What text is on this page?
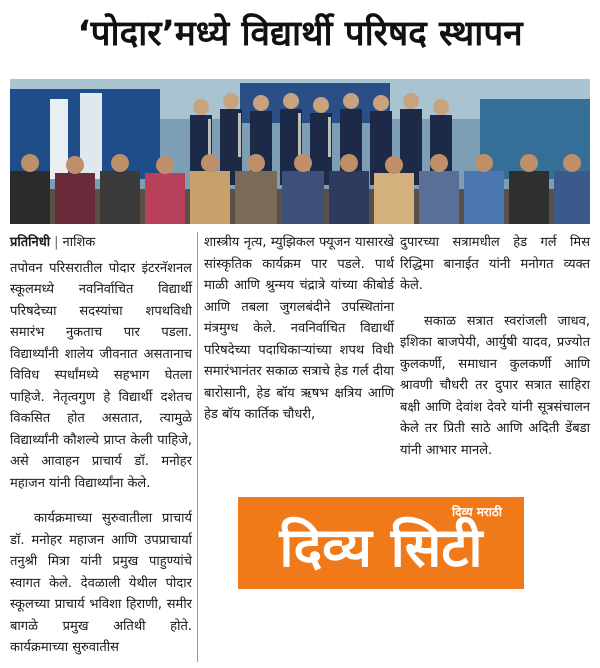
‘पोदार’मध्ये विद्यार्थी परिषद स्थापन
प्रतिनिधी | नाशिक

तपोवन परिसरातील पोदार इंटरनॅशनल स्कूलमध्ये नवनिर्वाचित विद्यार्थी परिषदेच्या सदस्यांचा शपथविधी समारंभ नुकताच पार पडला. विद्यार्थ्यांनी शालेय जीवनात असतानाच विविध स्पर्धांमध्ये सहभाग घेतला पाहिजे. नेतृत्वगुण हे विद्यार्थी दशेतच विकसित होत असतात, त्यामुळे विद्यार्थ्यांनी कौशल्ये प्राप्त केली पाहिजे, असे आवाहन प्राचार्य डॉ. मनोहर महाजन यांनी विद्यार्थ्यांना केले.

कार्यक्रमाच्या सुरुवातीला प्राचार्य डॉ. मनोहर महाजन आणि उपप्राचार्या तनुश्री मित्रा यांनी प्रमुख पाहुण्यांचे स्वागत केले. देवळाली येथील पोदार स्कूलच्या प्राचार्य भविशा हिराणी, समीर बागळे प्रमुख अतिथी होते. कार्यक्रमाच्या सुरुवातीस

शास्त्रीय नृत्य, म्युझिकल फ्यूजन यासारखे सांस्कृतिक कार्यक्रम पार पडले. पार्थ माळी आणि श्रुन्मय चंद्रात्रे यांच्या कीबोर्ड आणि तबला जुगलबंदीने उपस्थितांना मंत्रमुग्ध केले. नवनिर्वाचित विद्यार्थी परिषदेच्या पदाधिकाऱ्यांच्या शपथ विधी समारंभानंतर सकाळ सत्राचे हेड गर्ल दीया बारोसानी, हेड बॉय ऋषभ क्षत्रिय आणि हेड बॉय कार्तिक चौधरी,

दुपारच्या सत्रामधील हेड गर्ल मिस रिद्धिमा बानाईत यांनी मनोगत व्यक्त केले.

सकाळ सत्रात स्वरांजली जाधव, इशिका बाजपेयी, आर्युषी यादव, प्रज्योत कुलकर्णी, समाधान कुलकर्णी आणि श्रावणी चौधरी तर दुपार सत्रात साहिरा बक्षी आणि देवांश देवरे यांनी सूत्रसंचालन केले तर प्रिती साठे आणि अदिती डेंबडा यांनी आभार मानले.

दिव्य मराठी
दिव्य सिटी
